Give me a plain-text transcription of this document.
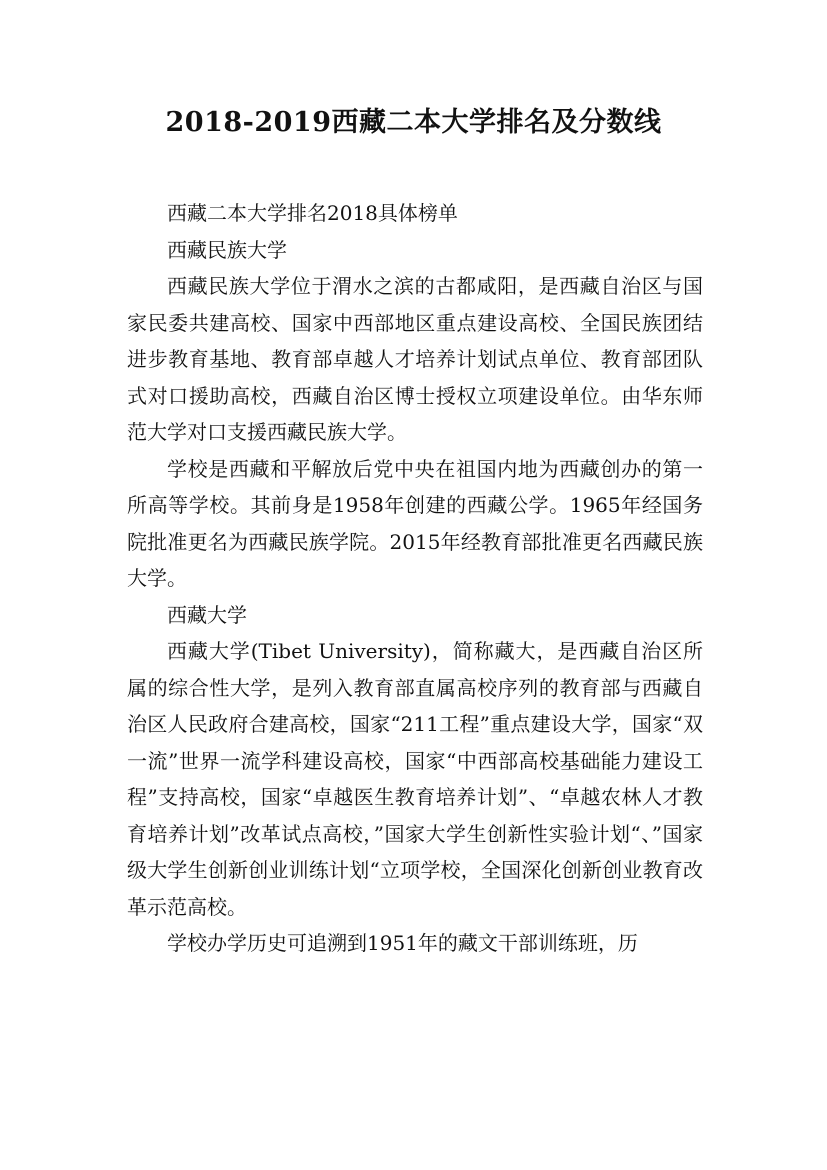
2018-2019西藏二本大学排名及分数线

西藏二本大学排名2018具体榜单

西藏民族大学

西藏民族大学位于渭水之滨的古都咸阳，是西藏自治区与国家民委共建高校、国家中西部地区重点建设高校、全国民族团结进步教育基地、教育部卓越人才培养计划试点单位、教育部团队式对口援助高校，西藏自治区博士授权立项建设单位。由华东师范大学对口支援西藏民族大学。

学校是西藏和平解放后党中央在祖国内地为西藏创办的第一所高等学校。其前身是1958年创建的西藏公学。1965年经国务院批准更名为西藏民族学院。2015年经教育部批准更名西藏民族大学。

西藏大学

西藏大学(Tibet University)，简称藏大，是西藏自治区所属的综合性大学，是列入教育部直属高校序列的教育部与西藏自治区人民政府合建高校，国家“211工程”重点建设大学，国家“双一流”世界一流学科建设高校，国家“中西部高校基础能力建设工程”支持高校，国家“卓越医生教育培养计划”、“卓越农林人才教育培养计划”改革试点高校，”国家大学生创新性实验计划“、”国家级大学生创新创业训练计划“立项学校，全国深化创新创业教育改革示范高校。

学校办学历史可追溯到1951年的藏文干部训练班，历
